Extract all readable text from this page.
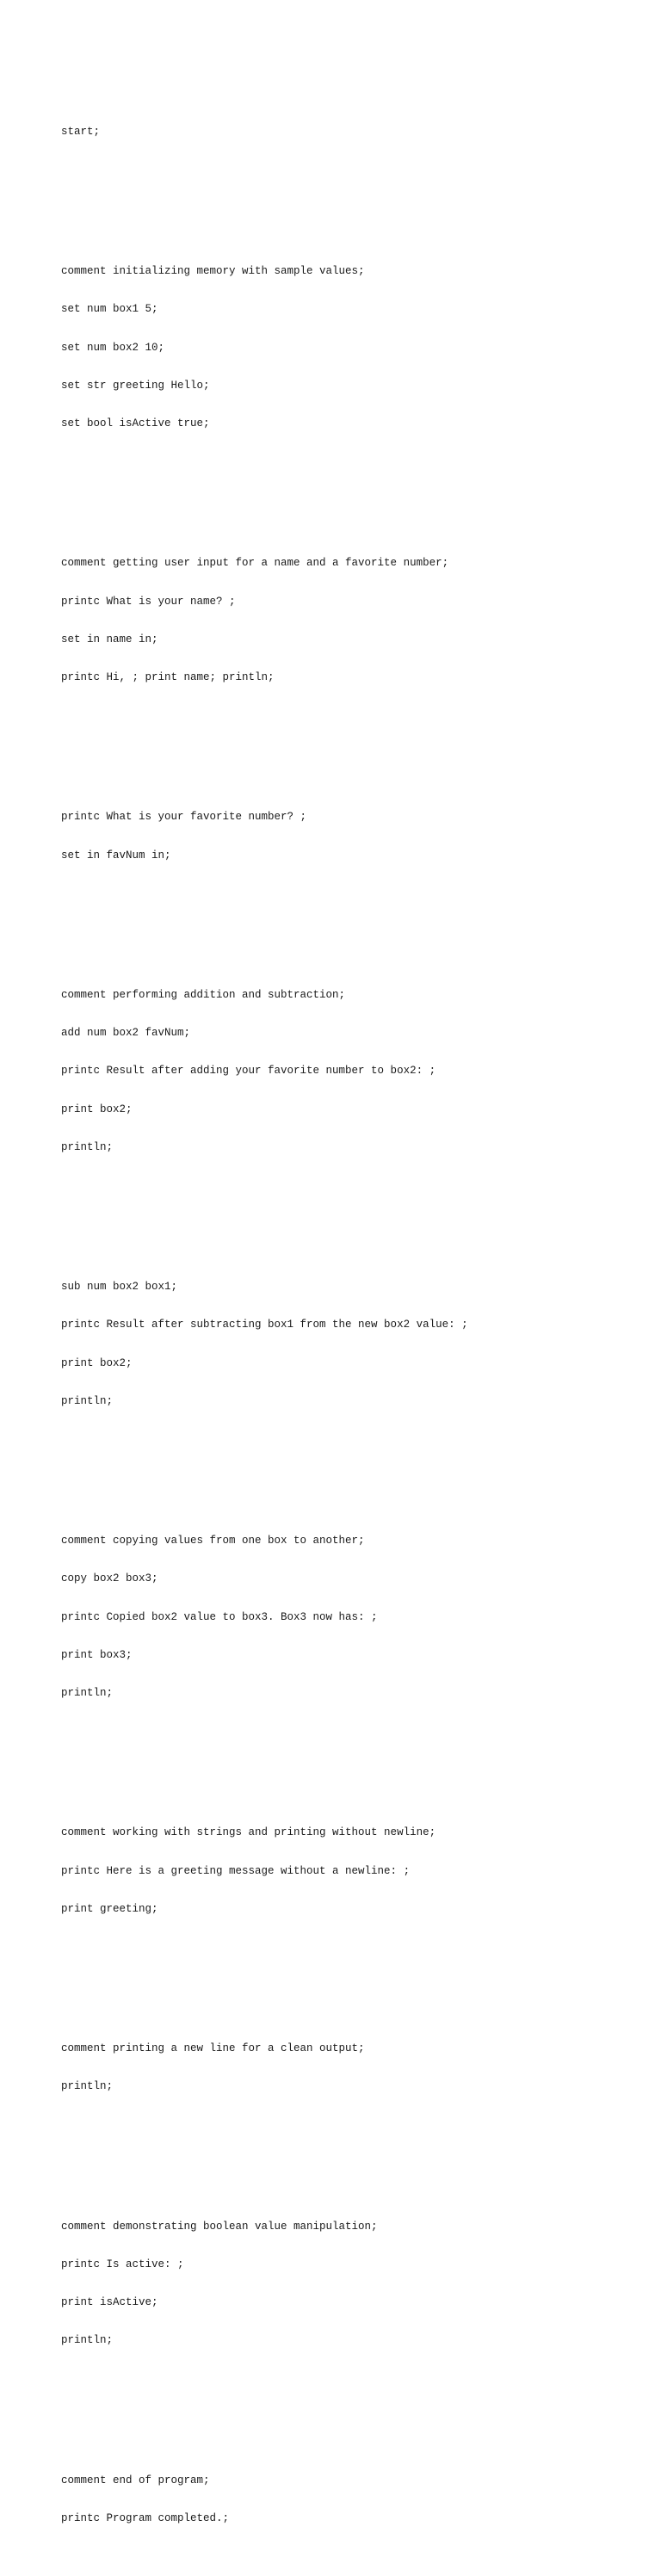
start;

comment initializing memory with sample values;

set num box1 5;

set num box2 10;

set str greeting Hello;

set bool isActive true;

comment getting user input for a name and a favorite number;

printc What is your name? ;

set in name in;

printc Hi, ; print name; println;

printc What is your favorite number? ;

set in favNum in;

comment performing addition and subtraction;

add num box2 favNum;

printc Result after adding your favorite number to box2: ;

print box2;

println;

sub num box2 box1;

printc Result after subtracting box1 from the new box2 value: ;

print box2;

println;

comment copying values from one box to another;

copy box2 box3;

printc Copied box2 value to box3. Box3 now has: ;

print box3;

println;

comment working with strings and printing without newline;

printc Here is a greeting message without a newline: ;

print greeting;

comment printing a new line for a clean output;

println;

comment demonstrating boolean value manipulation;

printc Is active: ;

print isActive;

println;

comment end of program;

printc Program completed.;
